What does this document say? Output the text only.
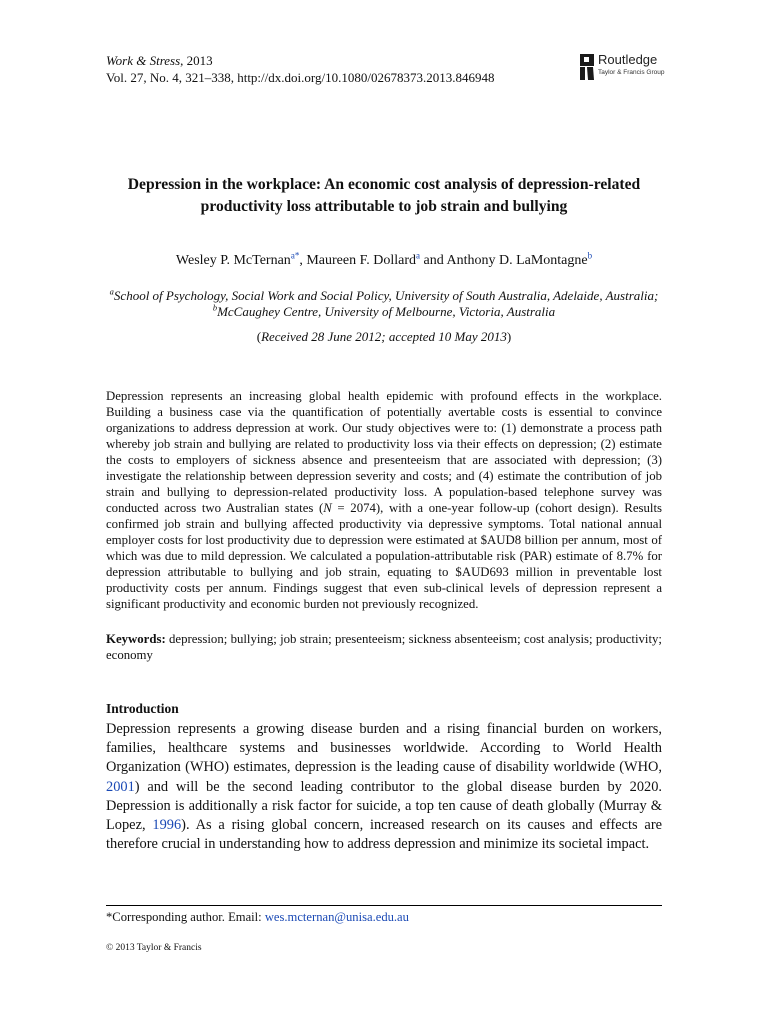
Work & Stress, 2013
Vol. 27, No. 4, 321–338, http://dx.doi.org/10.1080/02678373.2013.846948
Routledge
Taylor & Francis Group
Depression in the workplace: An economic cost analysis of depression-related productivity loss attributable to job strain and bullying
Wesley P. McTernan$^{a*}$, Maureen F. Dollard$^a$ and Anthony D. LaMontagne$^b$
$^a$School of Psychology, Social Work and Social Policy, University of South Australia, Adelaide, Australia; $^b$McCaughey Centre, University of Melbourne, Victoria, Australia
(Received 28 June 2012; accepted 10 May 2013)

Depression represents an increasing global health epidemic with profound effects in the workplace. Building a business case via the quantification of potentially avertable costs is essential to convince organizations to address depression at work. Our study objectives were to: (1) demonstrate a process path whereby job strain and bullying are related to productivity loss via their effects on depression; (2) estimate the costs to employers of sickness absence and presenteeism that are associated with depression; (3) investigate the relationship between depression severity and costs; and (4) estimate the contribution of job strain and bullying to depression-related productivity loss. A population-based telephone survey was conducted across two Australian states (N = 2074), with a one-year follow-up (cohort design). Results confirmed job strain and bullying affected productivity via depressive symptoms. Total national annual employer costs for lost productivity due to depression were estimated at $AUD8 billion per annum, most of which was due to mild depression. We calculated a population-attributable risk (PAR) estimate of 8.7% for depression attributable to bullying and job strain, equating to $AUD693 million in preventable lost productivity costs per annum. Findings suggest that even sub-clinical levels of depression represent a significant productivity and economic burden not previously recognized.

Keywords: depression; bullying; job strain; presenteeism; sickness absenteeism; cost analysis; productivity; economy

Introduction

Depression represents a growing disease burden and a rising financial burden on workers, families, healthcare systems and businesses worldwide. According to World Health Organization (WHO) estimates, depression is the leading cause of disability worldwide (WHO, 2001) and will be the second leading contributor to the global disease burden by 2020. Depression is additionally a risk factor for suicide, a top ten cause of death globally (Murray & Lopez, 1996). As a rising global concern, increased research on its causes and effects are therefore crucial in understanding how to address depression and minimize its societal impact.

*Corresponding author. Email: wes.mcternan@unisa.edu.au
© 2013 Taylor & Francis
